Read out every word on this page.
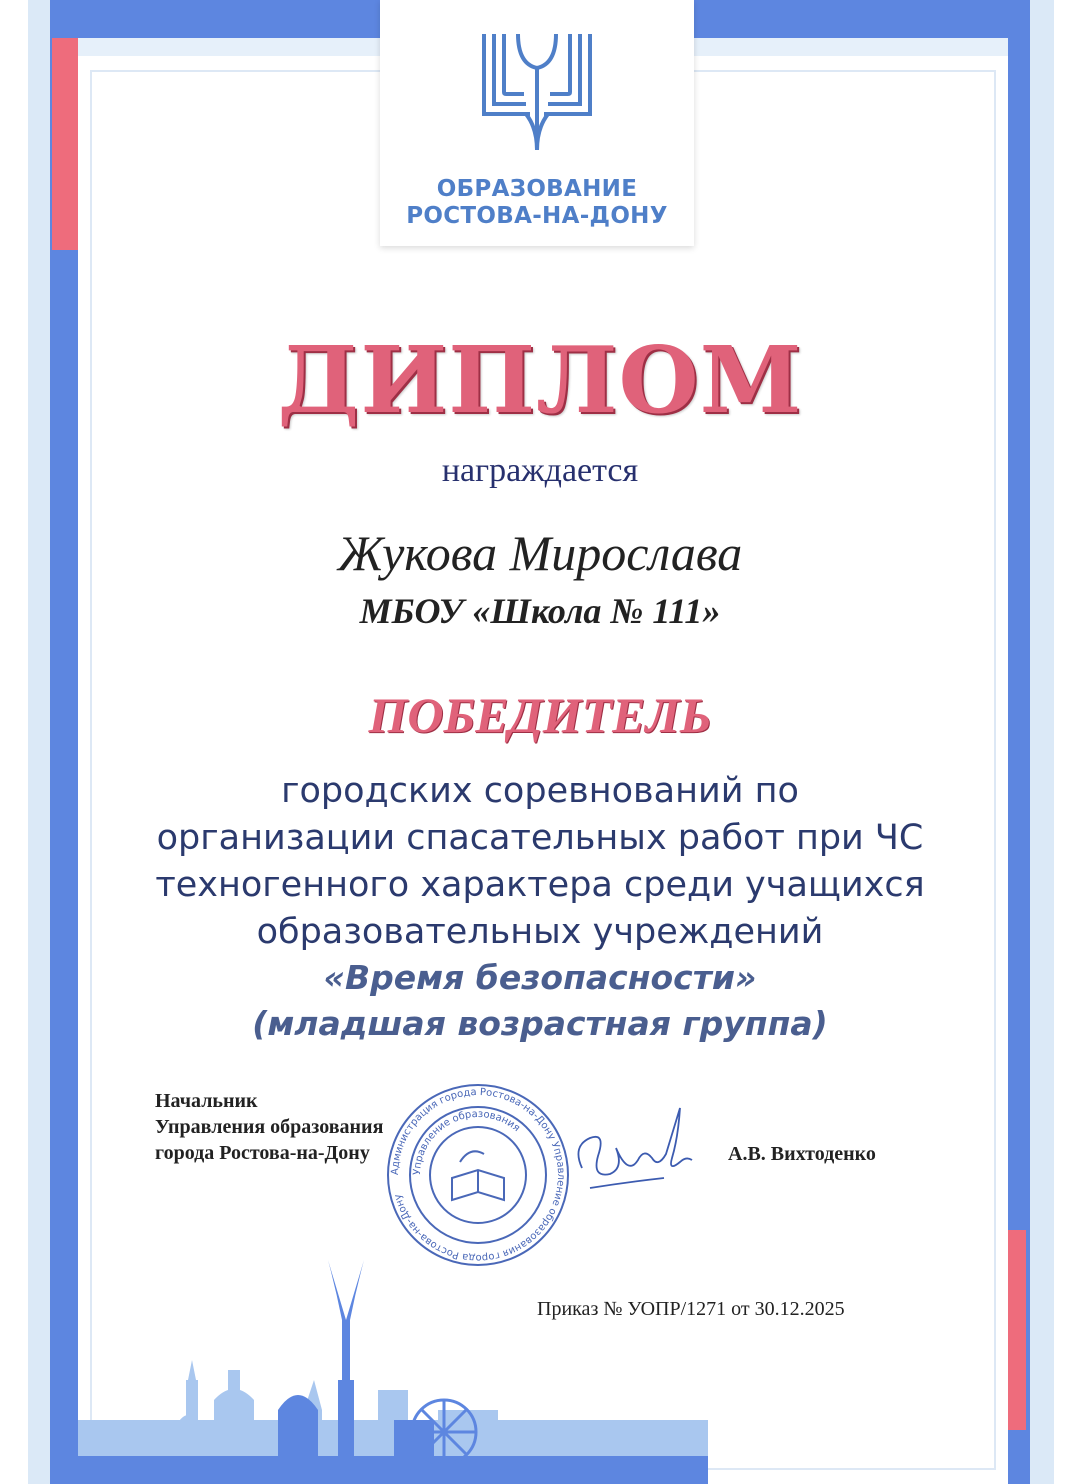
ОБРАЗОВАНИЕ
РОСТОВА-НА-ДОНУ
ДИПЛОМ
награждается
Жукова Мирослава
МБОУ «Школа № 111»
ПОБЕДИТЕЛЬ
городских соревнований по
организации спасательных работ при ЧС
техногенного характера среди учащихся
образовательных учреждений
«Время безопасности»
(младшая возрастная группа)
Администрация города Ростова-на-Дону Управление образования города Ростова-на-Дону
Управление образования
Начальник
Управления образования
города Ростова-на-Дону	А.В. Вихтоденко
Приказ № УОПР/1271 от 30.12.2025
